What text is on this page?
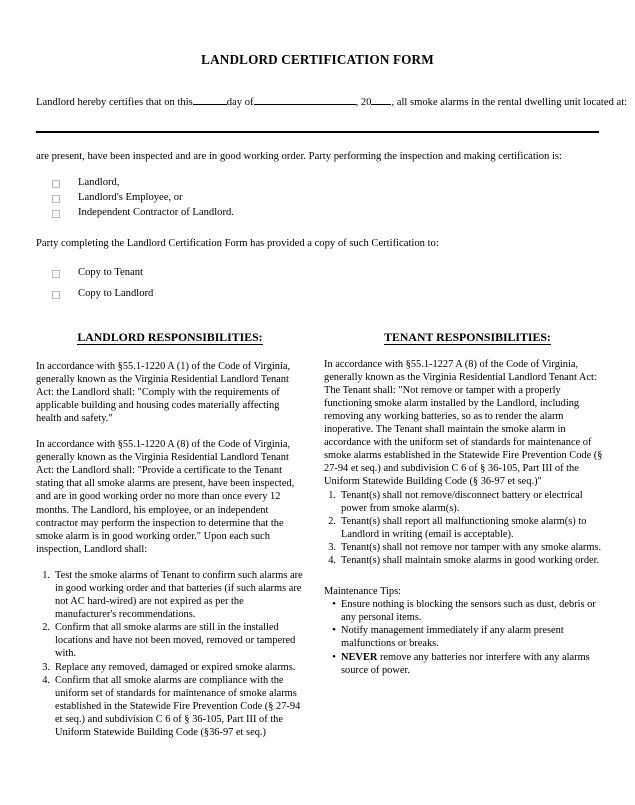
LANDLORD CERTIFICATION FORM
Landlord hereby certifies that on this	day of	, 20 , all smoke alarms in the rental dwelling unit located at:
are present, have been inspected and are in good working order. Party performing the inspection and making certification is:
Landlord,
Landlord's Employee, or
Independent Contractor of Landlord.
Party completing the Landlord Certification Form has provided a copy of such Certification to:
Copy to Tenant
Copy to Landlord
LANDLORD RESPONSIBILITIES:

In accordance with §55.1-1220 A (1) of the Code of Virginia, generally known as the Virginia Residential Landlord Tenant Act: the Landlord shall: "Comply with the requirements of applicable building and housing codes materially affecting health and safety."

In accordance with §55.1-1220 A (8) of the Code of Virginia, generally known as the Virginia Residential Landlord Tenant Act: the Landlord shall: "Provide a certificate to the Tenant stating that all smoke alarms are present, have been inspected, and are in good working order no more than once every 12 months. The Landlord, his employee, or an independent contractor may perform the inspection to determine that the smoke alarm is in good working order." Upon each such inspection, Landlord shall:

1. Test the smoke alarms of Tenant to confirm such alarms are in good working order and that batteries (if such alarms are not AC hard-wired) are not expired as per the manufacturer's recommendations.
2. Confirm that all smoke alarms are still in the installed locations and have not been moved, removed or tampered with.
3. Replace any removed, damaged or expired smoke alarms.
4. Confirm that all smoke alarms are compliance with the uniform set of standards for maintenance of smoke alarms established in the Statewide Fire Prevention Code (§ 27-94 et seq.) and subdivision C 6 of § 36-105, Part III of the Uniform Statewide Building Code (§36-97 et seq.)
TENANT RESPONSIBILITIES:

In accordance with §55.1-1227 A (8) of the Code of Virginia, generally known as the Virginia Residential Landlord Tenant Act: The Tenant shall: "Not remove or tamper with a properly functioning smoke alarm installed by the Landlord, including removing any working batteries, so as to render the alarm inoperative. The Tenant shall maintain the smoke alarm in accordance with the uniform set of standards for maintenance of smoke alarms established in the Statewide Fire Prevention Code (§ 27-94 et seq.) and subdivision C 6 of § 36-105, Part III of the Uniform Statewide Building Code (§ 36-97 et seq.)"

1. Tenant(s) shall not remove/disconnect battery or electrical power from smoke alarm(s).
2. Tenant(s) shall report all malfunctioning smoke alarm(s) to Landlord in writing (email is acceptable).
3. Tenant(s) shall not remove nor tamper with any smoke alarms.
4. Tenant(s) shall maintain smoke alarms in good working order.

Maintenance Tips:

• Ensure nothing is blocking the sensors such as dust, debris or any personal items.
• Notify management immediately if any alarm present malfunctions or breaks.
• NEVER remove any batteries nor interfere with any alarms source of power.
